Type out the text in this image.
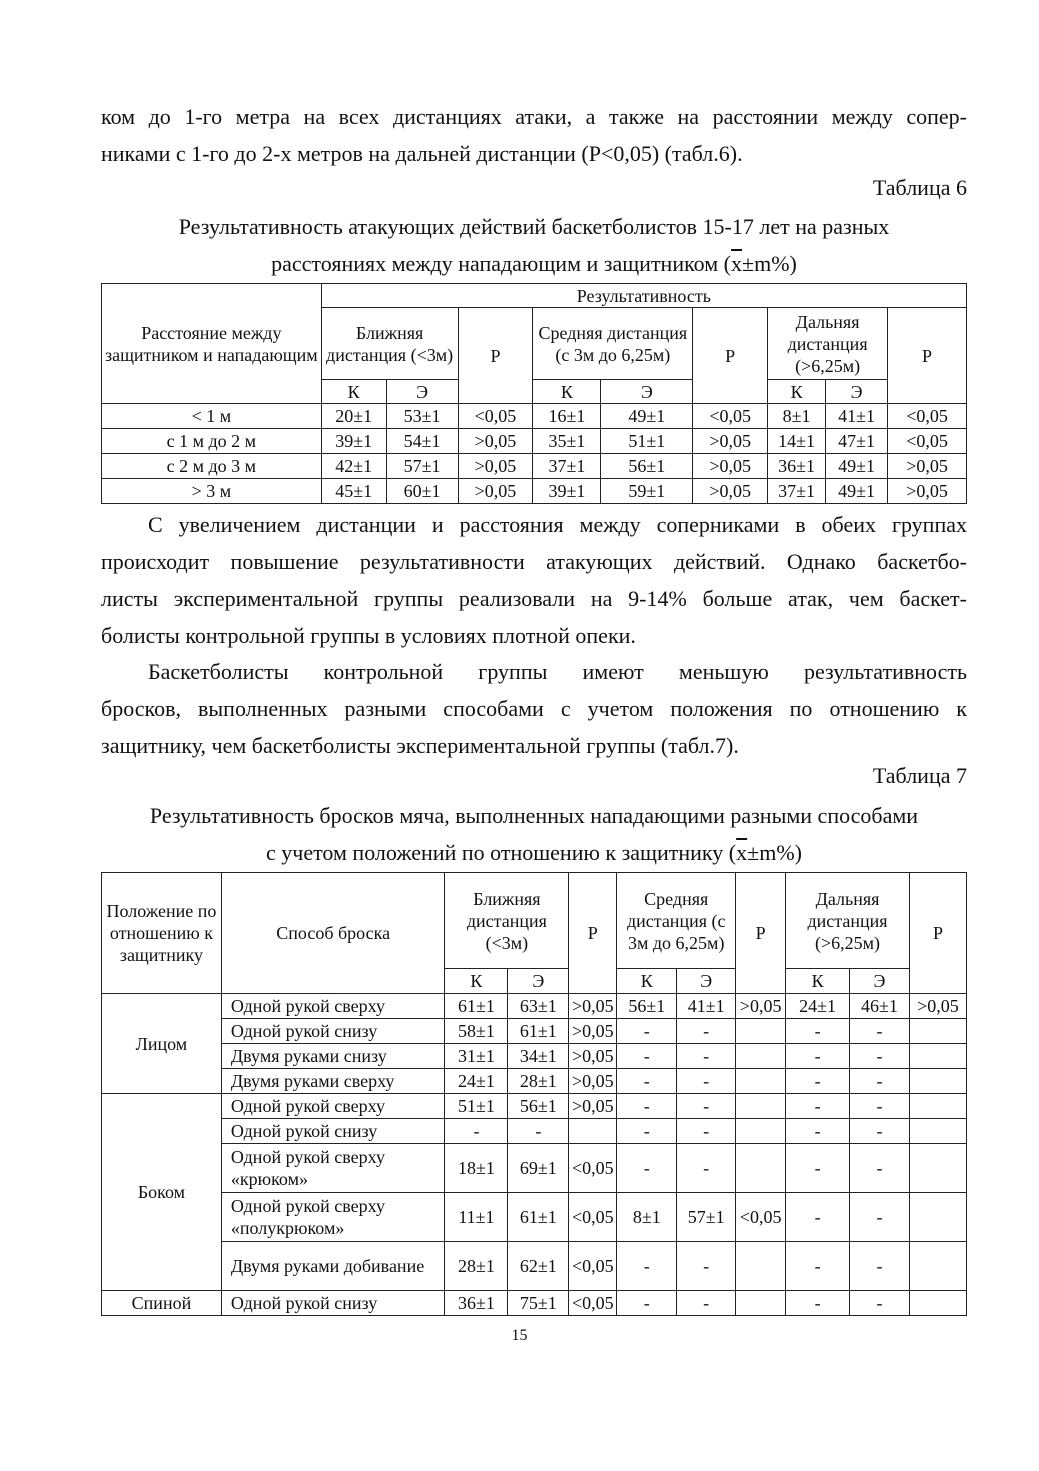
ком до 1-го метра на всех дистанциях атаки, а также на расстоянии между сопер-
никами с 1-го до 2-х метров на дальней дистанции (Р<0,05) (табл.6).
Таблица 6
Результативность атакующих действий баскетболистов 15-17 лет на разных
расстояниях между нападающим и защитником $(\overline{x}\pm m\%)$
Расстояние между защитником и нападающим	Результативность								
	Ближняя дистанция (<3м)		Р	Средняя дистанция (с 3м до 6,25м)		Р	Дальняя дистанция (>6,25м)		Р
	К	Э		К	Э		К	Э	
< 1 м	20±1	53±1	<0,05	16±1	49±1	<0,05	8±1	41±1	<0,05
с 1 м до 2 м	39±1	54±1	>0,05	35±1	51±1	>0,05	14±1	47±1	<0,05
с 2 м до 3 м	42±1	57±1	>0,05	37±1	56±1	>0,05	36±1	49±1	>0,05
> 3 м	45±1	60±1	>0,05	39±1	59±1	>0,05	37±1	49±1	>0,05
С увеличением дистанции и расстояния между соперниками в обеих группах
происходит повышение результативности атакующих действий. Однако баскетбо-
листы экспериментальной группы реализовали на 9-14% больше атак, чем баскет-
болисты контрольной группы в условиях плотной опеки.
Баскетболисты контрольной группы имеют меньшую результативность
бросков, выполненных разными способами с учетом положения по отношению к
защитнику, чем баскетболисты экспериментальной группы (табл.7).
Таблица 7
Результативность бросков мяча, выполненных нападающими разными способами
с учетом положений по отношению к защитнику $(\overline{x}\pm m\%)$
Положение по отношению к защитнику	Способ броска	Ближняя дистанция (<3м)		Р	Средняя дистанция (с 3м до 6,25м)		Р	Дальняя дистанция (>6,25м)		Р
		К	Э		К	Э		К	Э	
Лицом	Одной рукой сверху	61±1	63±1	>0,05	56±1	41±1	>0,05	24±1	46±1	>0,05
	Одной рукой снизу	58±1	61±1	>0,05	-	-		-	-	
	Двумя руками снизу	31±1	34±1	>0,05	-	-		-	-	
	Двумя руками сверху	24±1	28±1	>0,05	-	-		-	-	
Боком	Одной рукой сверху	51±1	56±1	>0,05	-	-		-	-	
	Одной рукой снизу	-	-		-	-		-	-	
	Одной рукой сверху «крюком»	18±1	69±1	<0,05	-	-		-	-	
	Одной рукой сверху «полукрюком»	11±1	61±1	<0,05	8±1	57±1	<0,05	-	-	
	Двумя руками добивание	28±1	62±1	<0,05	-	-		-	-	
Спиной	Одной рукой снизу	36±1	75±1	<0,05	-	-		-	-	
15
